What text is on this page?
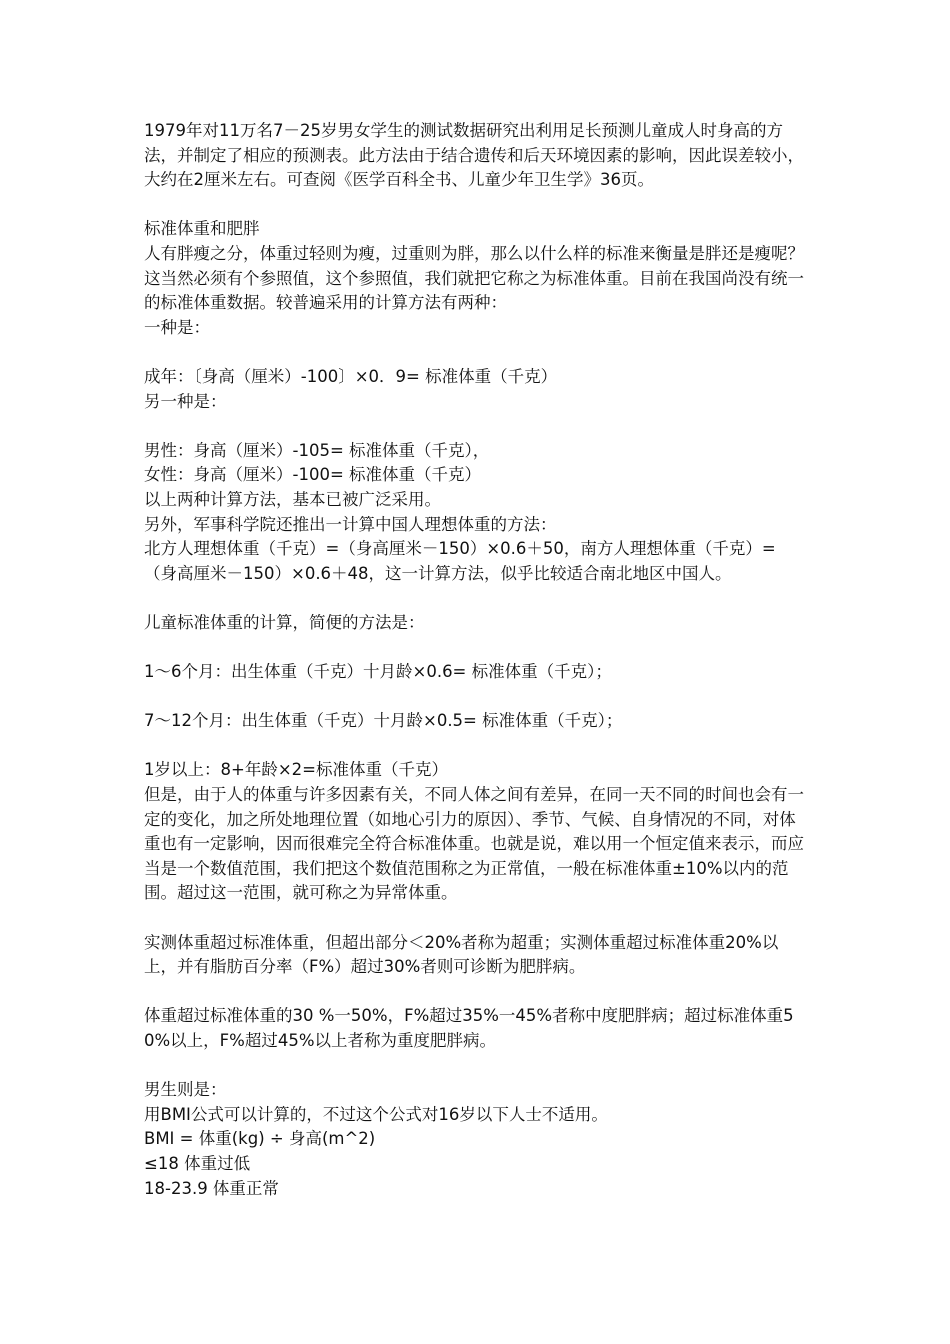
1979年对11万名7－25岁男女学生的测试数据研究出利用足长预测儿童成人时身高的方法，并制定了相应的预测表。此方法由于结合遗传和后天环境因素的影响，因此误差较小，大约在2厘米左右。可查阅《医学百科全书、儿童少年卫生学》36页。

标准体重和肥胖

人有胖瘦之分，体重过轻则为瘦，过重则为胖，那么以什么样的标准来衡量是胖还是瘦呢？这当然必须有个参照值，这个参照值，我们就把它称之为标准体重。目前在我国尚没有统一的标准体重数据。较普遍采用的计算方法有两种：

一种是：

成年：〔身高（厘米）-100〕×0．9= 标准体重（千克）

另一种是：

男性：身高（厘米）-105= 标准体重（千克），

女性：身高（厘米）-100= 标准体重（千克）

以上两种计算方法，基本已被广泛采用。

另外，军事科学院还推出一计算中国人理想体重的方法：

北方人理想体重（千克）=（身高厘米－150）×0.6＋50，南方人理想体重（千克）=（身高厘米－150）×0.6＋48，这一计算方法，似乎比较适合南北地区中国人。

儿童标准体重的计算，简便的方法是：

1～6个月：出生体重（千克）十月龄×0.6= 标准体重（千克）；

7～12个月：出生体重（千克）十月龄×0.5= 标准体重（千克）；

1岁以上：8+年龄×2=标准体重（千克）

但是，由于人的体重与许多因素有关，不同人体之间有差异，在同一天不同的时间也会有一定的变化，加之所处地理位置（如地心引力的原因）、季节、气候、自身情况的不同，对体重也有一定影响，因而很难完全符合标准体重。也就是说，难以用一个恒定值来表示，而应当是一个数值范围，我们把这个数值范围称之为正常值，一般在标准体重±10%以内的范围。超过这一范围，就可称之为异常体重。

实测体重超过标准体重，但超出部分＜20%者称为超重；实测体重超过标准体重20%以上，并有脂肪百分率（F%）超过30%者则可诊断为肥胖病。

体重超过标准体重的30 %一50%，F%超过35%一45%者称中度肥胖病；超过标准体重50%以上，F%超过45%以上者称为重度肥胖病。

男生则是：

用BMI公式可以计算的，不过这个公式对16岁以下人士不适用。

BMI = 体重(kg) ÷ 身高(m^2)

≤18 体重过低

18-23.9 体重正常
